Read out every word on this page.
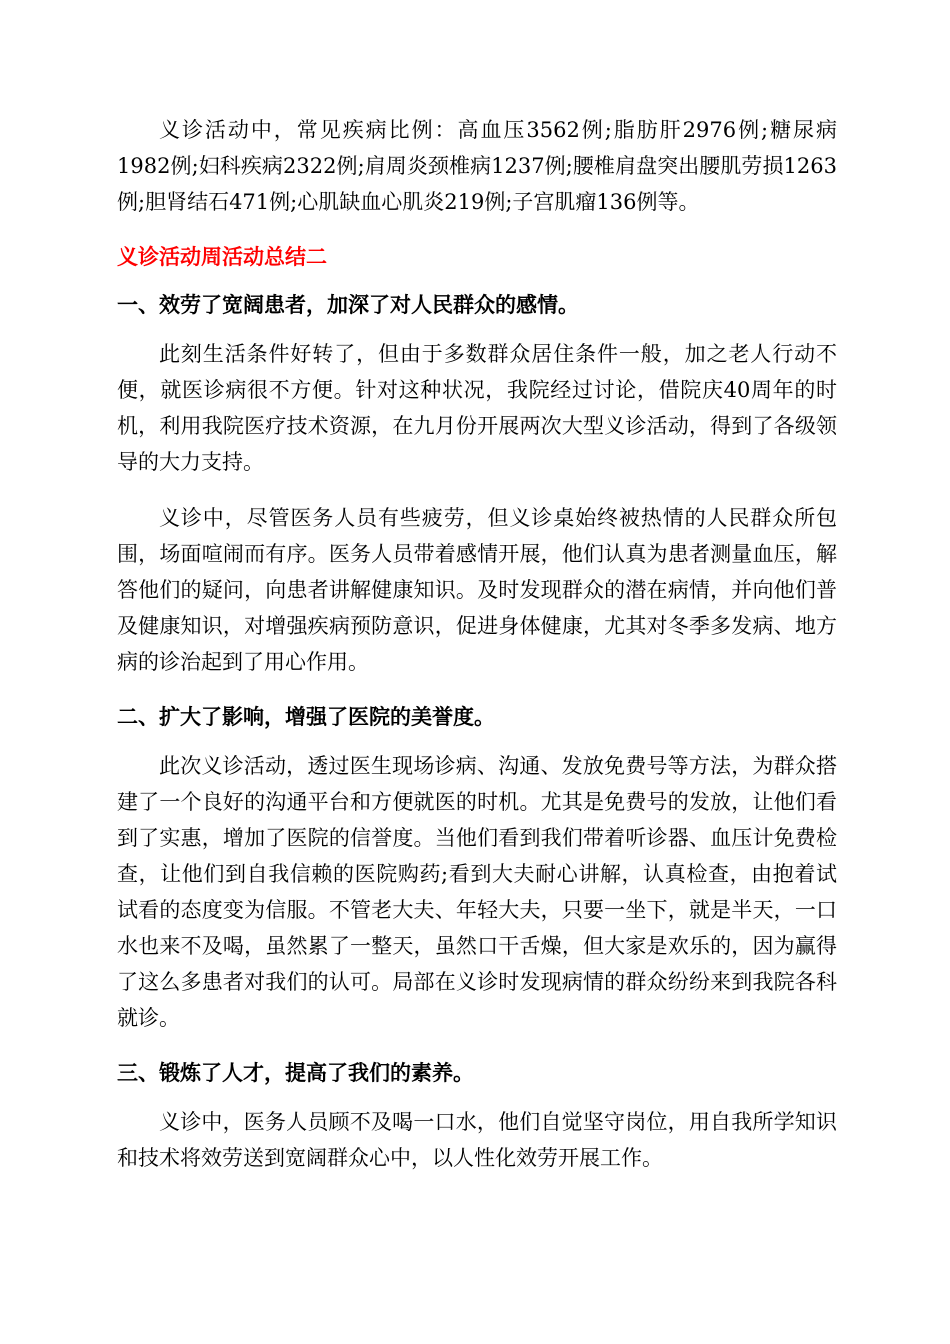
义诊活动中，常见疾病比例：高血压3562例;脂肪肝2976例;糖尿病1982例;妇科疾病2322例;肩周炎颈椎病1237例;腰椎肩盘突出腰肌劳损1263例;胆肾结石471例;心肌缺血心肌炎219例;子宫肌瘤136例等。

义诊活动周活动总结二
一、效劳了宽阔患者，加深了对人民群众的感情。

此刻生活条件好转了，但由于多数群众居住条件一般，加之老人行动不便，就医诊病很不方便。针对这种状况，我院经过讨论，借院庆40周年的时机，利用我院医疗技术资源，在九月份开展两次大型义诊活动，得到了各级领导的大力支持。

义诊中，尽管医务人员有些疲劳，但义诊桌始终被热情的人民群众所包围，场面喧闹而有序。医务人员带着感情开展，他们认真为患者测量血压，解答他们的疑问，向患者讲解健康知识。及时发现群众的潜在病情，并向他们普及健康知识，对增强疾病预防意识，促进身体健康，尤其对冬季多发病、地方病的诊治起到了用心作用。

二、扩大了影响，增强了医院的美誉度。

此次义诊活动，透过医生现场诊病、沟通、发放免费号等方法，为群众搭建了一个良好的沟通平台和方便就医的时机。尤其是免费号的发放，让他们看到了实惠，增加了医院的信誉度。当他们看到我们带着听诊器、血压计免费检查，让他们到自我信赖的医院购药;看到大夫耐心讲解，认真检查，由抱着试试看的态度变为信服。不管老大夫、年轻大夫，只要一坐下，就是半天，一口水也来不及喝，虽然累了一整天，虽然口干舌燥，但大家是欢乐的，因为赢得了这么多患者对我们的认可。局部在义诊时发现病情的群众纷纷来到我院各科就诊。

三、锻炼了人才，提高了我们的素养。

义诊中，医务人员顾不及喝一口水，他们自觉坚守岗位，用自我所学知识和技术将效劳送到宽阔群众心中，以人性化效劳开展工作。
